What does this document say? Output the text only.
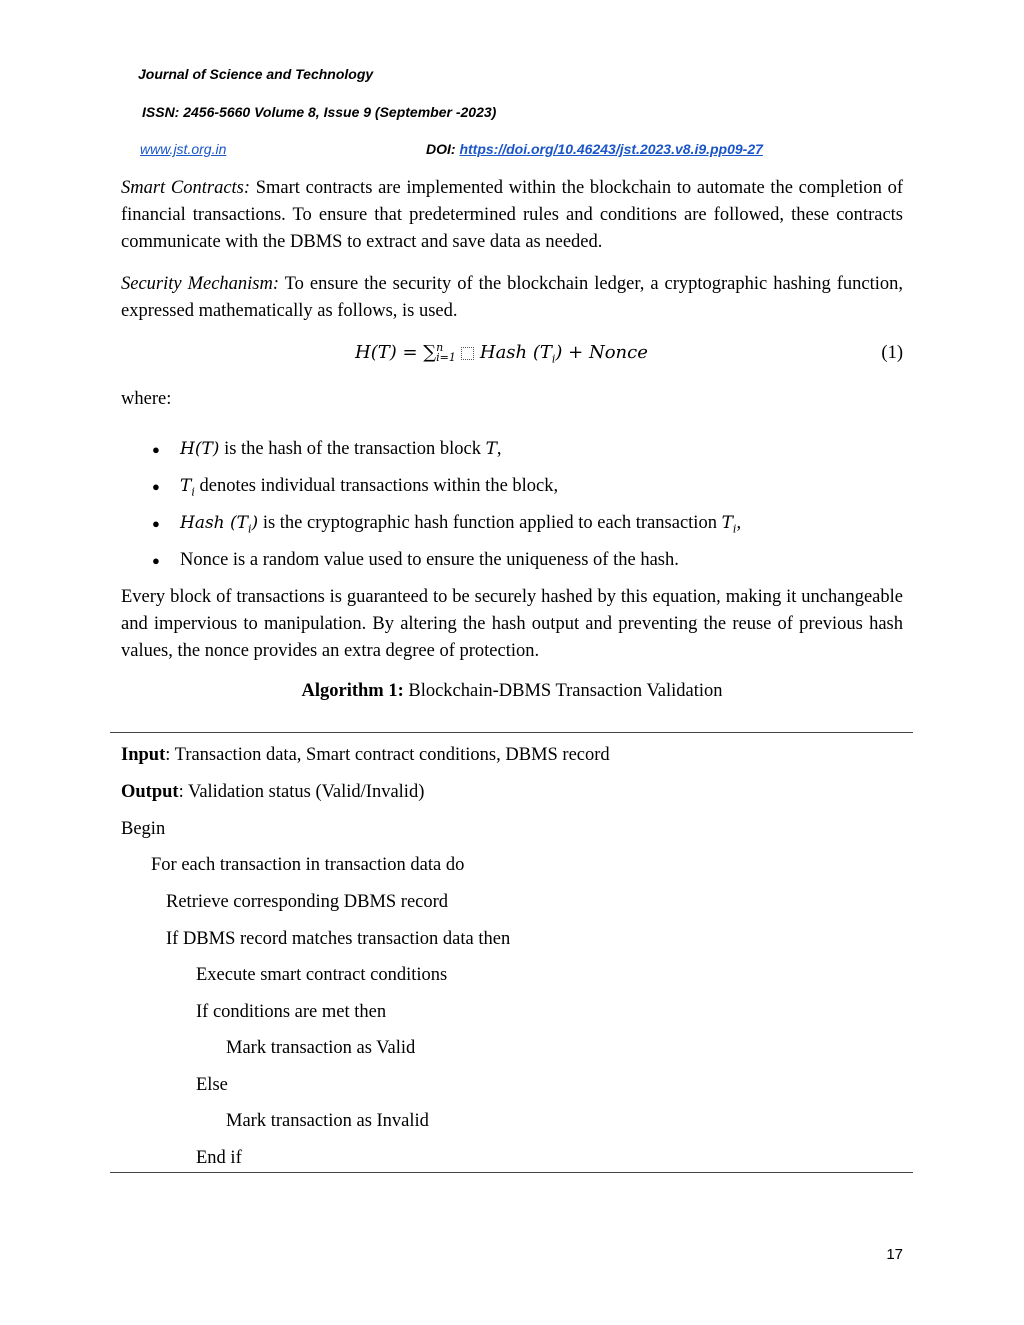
Journal of Science and Technology
ISSN: 2456-5660 Volume 8, Issue 9 (September -2023)
www.jst.org.in	DOI: https://doi.org/10.46243/jst.2023.v8.i9.pp09-27
Smart Contracts: Smart contracts are implemented within the blockchain to automate the completion of financial transactions. To ensure that predetermined rules and conditions are followed, these contracts communicate with the DBMS to extract and save data as needed.
Security Mechanism: To ensure the security of the blockchain ledger, a cryptographic hashing function, expressed mathematically as follows, is used.
H(T) = ∑n
i=1 Hash $(T_i)$ + Nonce	(1)
where:
● H(T) is the hash of the transaction block T,
● $T_i$ denotes individual transactions within the block,
● Hash $(T_i)$ is the cryptographic hash function applied to each transaction $T_i$,
● Nonce is a random value used to ensure the uniqueness of the hash.
Every block of transactions is guaranteed to be securely hashed by this equation, making it unchangeable and impervious to manipulation. By altering the hash output and preventing the reuse of previous hash values, the nonce provides an extra degree of protection.
Algorithm 1: Blockchain-DBMS Transaction Validation
Input: Transaction data, Smart contract conditions, DBMS record
Output: Validation status (Valid/Invalid)
Begin
For each transaction in transaction data do
Retrieve corresponding DBMS record
If DBMS record matches transaction data then
Execute smart contract conditions
If conditions are met then
Mark transaction as Valid
Else
Mark transaction as Invalid
End if
17
